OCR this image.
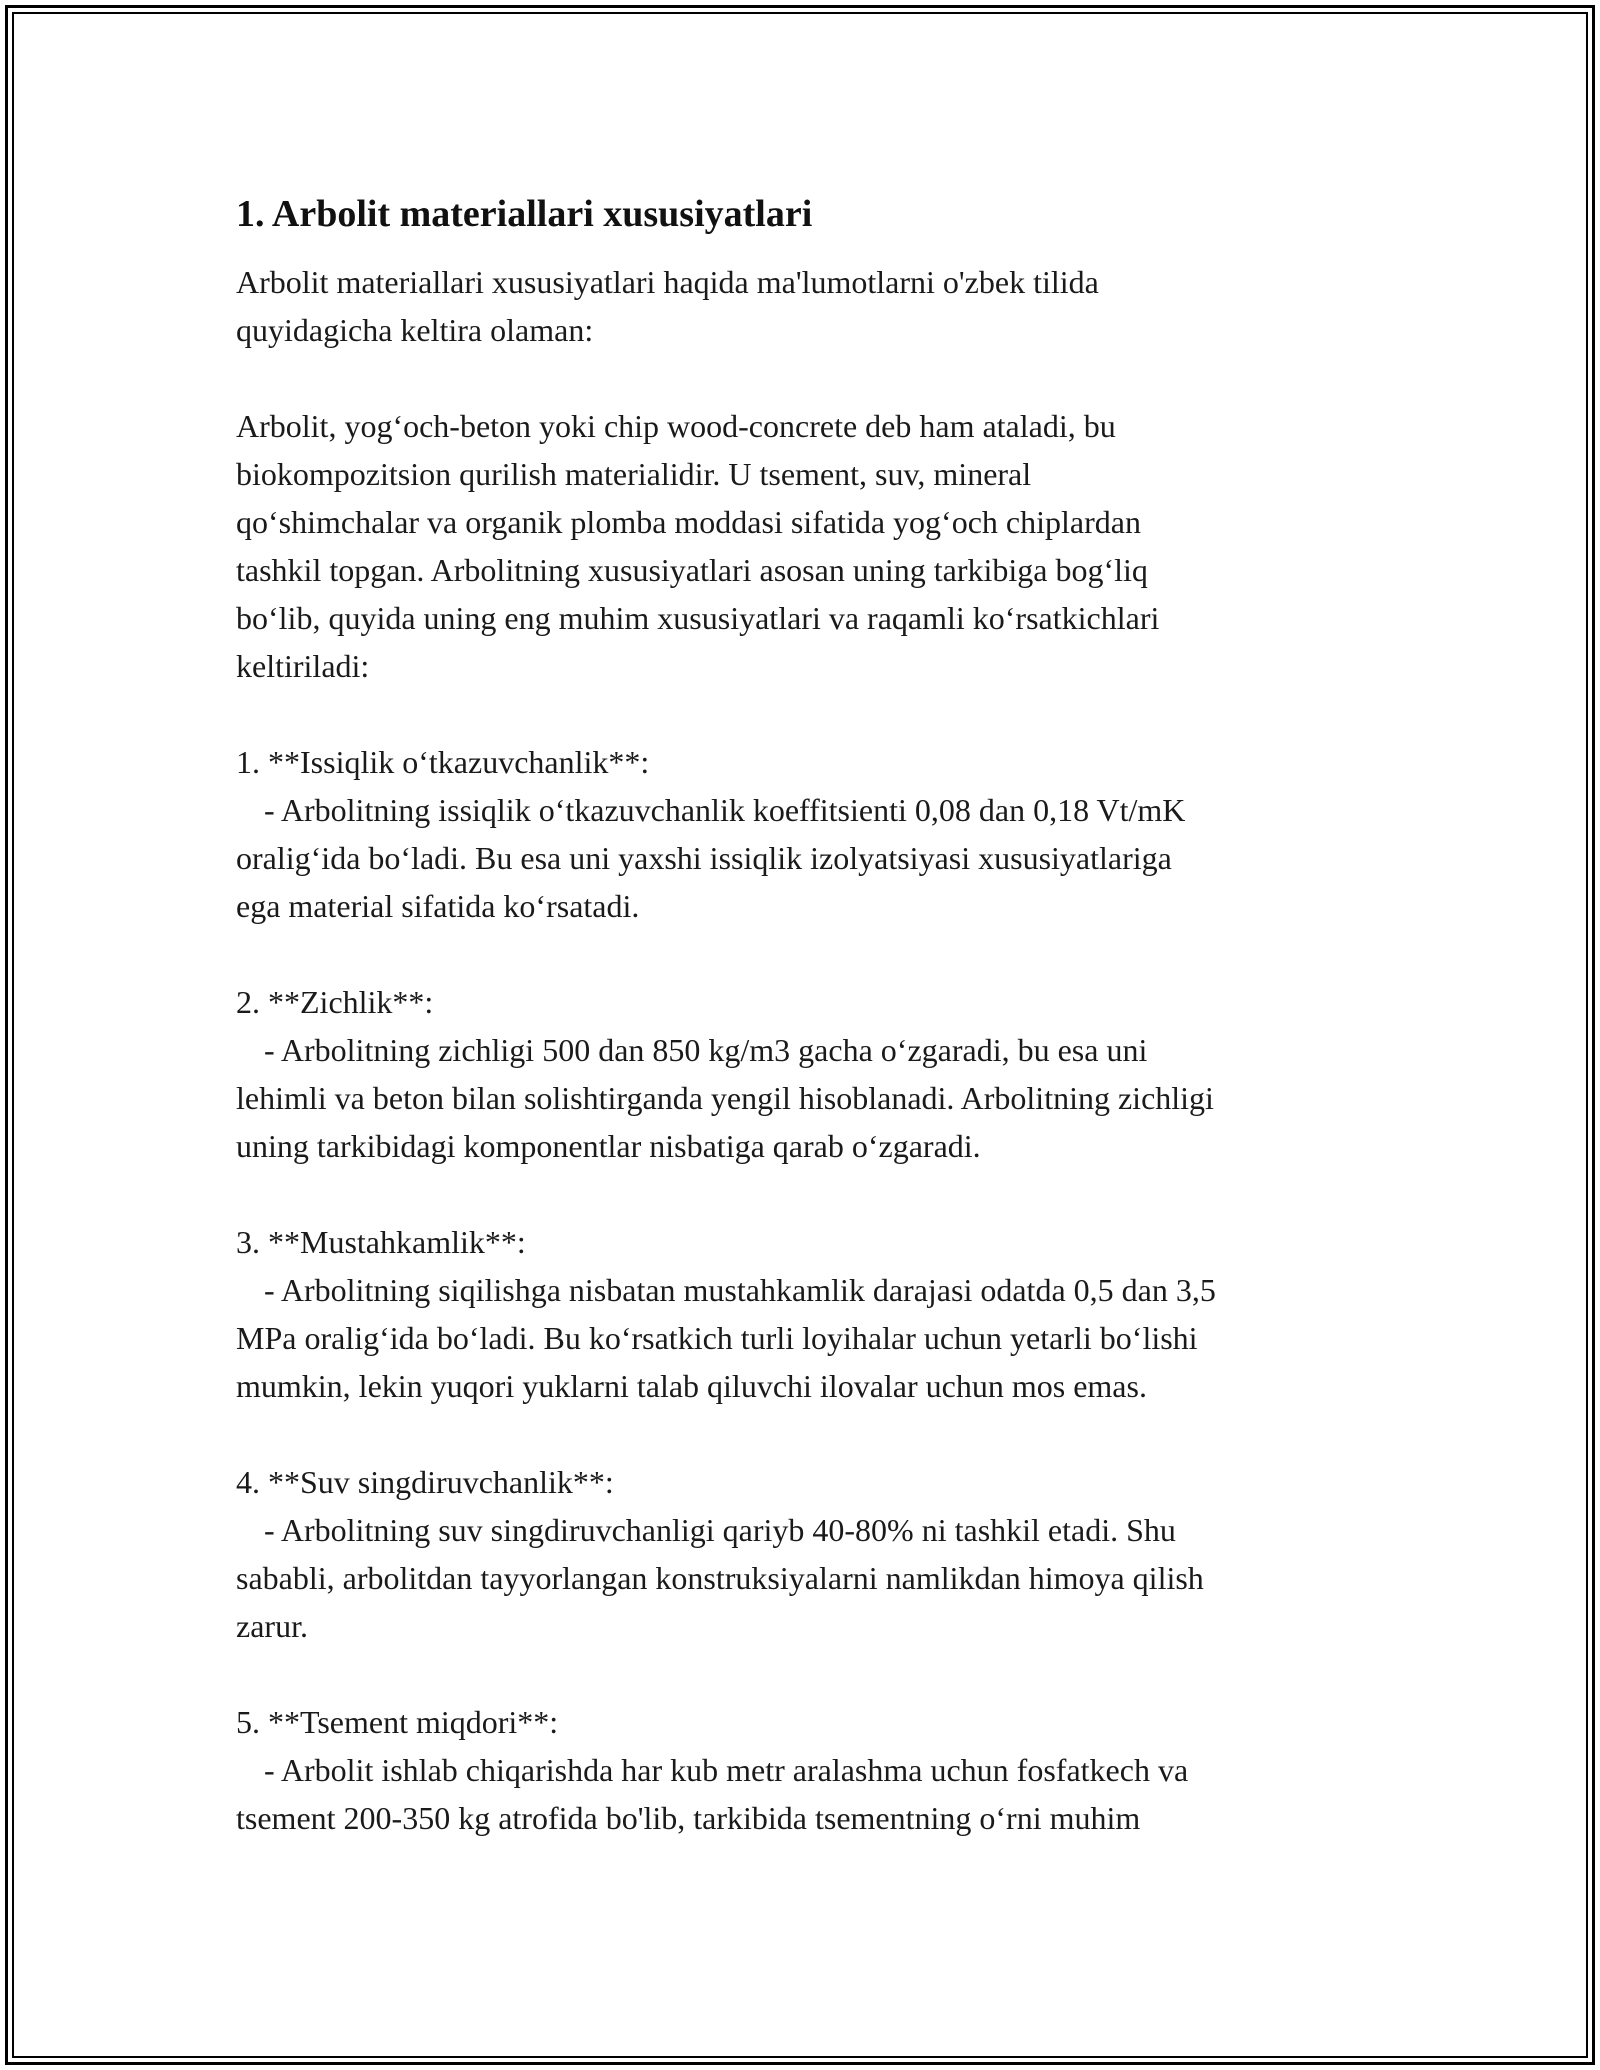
1. Arbolit materiallari xususiyatlari

Arbolit materiallari xususiyatlari haqida ma'lumotlarni o'zbek tilida
quyidagicha keltira olaman:

Arbolit, yog‘och-beton yoki chip wood-concrete deb ham ataladi, bu
biokompozitsion qurilish materialidir. U tsement, suv, mineral
qo‘shimchalar va organik plomba moddasi sifatida yog‘och chiplardan
tashkil topgan. Arbolitning xususiyatlari asosan uning tarkibiga bog‘liq
bo‘lib, quyida uning eng muhim xususiyatlari va raqamli ko‘rsatkichlari
keltiriladi:

1. **Issiqlik o‘tkazuvchanlik**:
- Arbolitning issiqlik o‘tkazuvchanlik koeffitsienti 0,08 dan 0,18 Vt/mK
oralig‘ida bo‘ladi. Bu esa uni yaxshi issiqlik izolyatsiyasi xususiyatlariga
ega material sifatida ko‘rsatadi.
2. **Zichlik**:
- Arbolitning zichligi 500 dan 850 kg/m3 gacha o‘zgaradi, bu esa uni
lehimli va beton bilan solishtirganda yengil hisoblanadi. Arbolitning zichligi
uning tarkibidagi komponentlar nisbatiga qarab o‘zgaradi.
3. **Mustahkamlik**:
- Arbolitning siqilishga nisbatan mustahkamlik darajasi odatda 0,5 dan 3,5
MPa oralig‘ida bo‘ladi. Bu ko‘rsatkich turli loyihalar uchun yetarli bo‘lishi
mumkin, lekin yuqori yuklarni talab qiluvchi ilovalar uchun mos emas.
4. **Suv singdiruvchanlik**:
- Arbolitning suv singdiruvchanligi qariyb 40-80% ni tashkil etadi. Shu
sababli, arbolitdan tayyorlangan konstruksiyalarni namlikdan himoya qilish
zarur.
5. **Tsement miqdori**:
- Arbolit ishlab chiqarishda har kub metr aralashma uchun fosfatkech va
tsement 200-350 kg atrofida bo'lib, tarkibida tsementning o‘rni muhim
